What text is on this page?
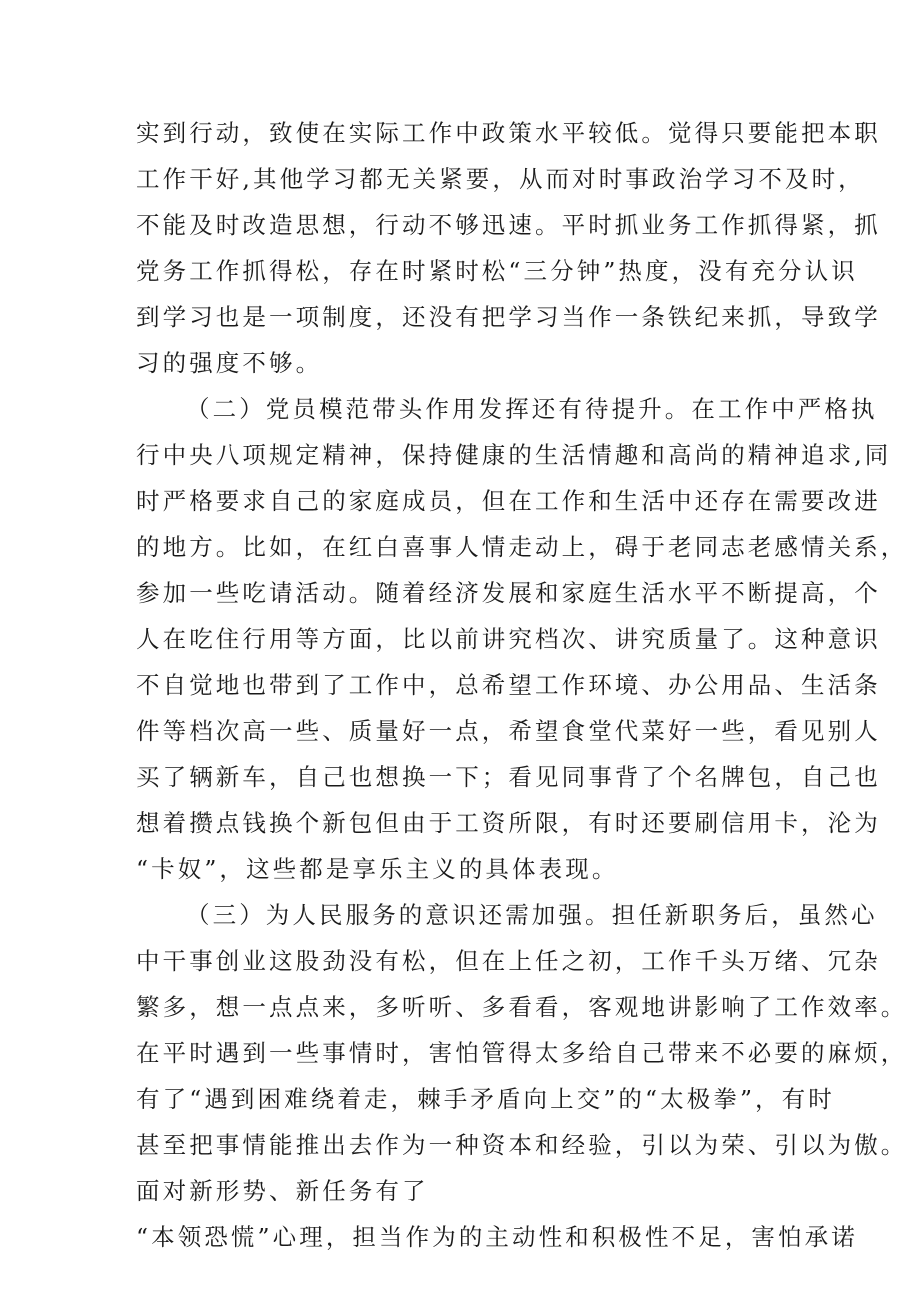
实到行动，致使在实际工作中政策水平较低。觉得只要能把本职
工作干好,其他学习都无关紧要，从而对时事政治学习不及时，
不能及时改造思想，行动不够迅速。平时抓业务工作抓得紧，抓
党务工作抓得松，存在时紧时松“三分钟”热度，没有充分认识
到学习也是一项制度，还没有把学习当作一条铁纪来抓，导致学
习的强度不够。
（二）党员模范带头作用发挥还有待提升。在工作中严格执
行中央八项规定精神，保持健康的生活情趣和高尚的精神追求,同
时严格要求自己的家庭成员，但在工作和生活中还存在需要改进
的地方。比如，在红白喜事人情走动上，碍于老同志老感情关系，
参加一些吃请活动。随着经济发展和家庭生活水平不断提高，个
人在吃住行用等方面，比以前讲究档次、讲究质量了。这种意识
不自觉地也带到了工作中，总希望工作环境、办公用品、生活条
件等档次高一些、质量好一点，希望食堂代菜好一些，看见别人
买了辆新车，自己也想换一下；看见同事背了个名牌包，自己也
想着攒点钱换个新包但由于工资所限，有时还要刷信用卡，沦为
“卡奴”，这些都是享乐主义的具体表现。
（三）为人民服务的意识还需加强。担任新职务后，虽然心
中干事创业这股劲没有松，但在上任之初，工作千头万绪、冗杂
繁多，想一点点来，多听听、多看看，客观地讲影响了工作效率。
在平时遇到一些事情时，害怕管得太多给自己带来不必要的麻烦，
有了“遇到困难绕着走，棘手矛盾向上交”的“太极拳”，有时
甚至把事情能推出去作为一种资本和经验，引以为荣、引以为傲。
面对新形势、新任务有了
“本领恐慌”心理，担当作为的主动性和积极性不足，害怕承诺
